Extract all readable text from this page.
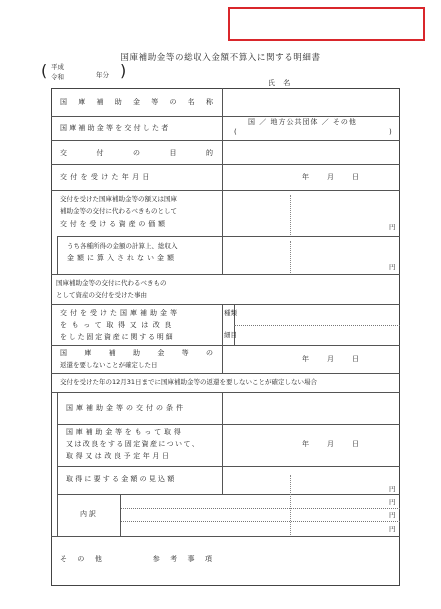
国庫補助金等の総収入金額不算入に関する明細書
( 平成
令和	年分 )
氏 名
国 庫 補 助 金 等 の 名 称
国庫補助金等を交付した者
国 ／ 地方公共団体 ／ その他
(	)
交	付	の	目	的
交付を受けた年月日	年	月	日
交付を受けた国庫補助金等の額又は国庫
補助金等の交付に代わるべきものとして
交付を受ける資産の価額	円
うち各種所得の金額の計算上、総収入
金額に算入されない金額
円
国庫補助金等の交付に代わるべきもの
として資産の交付を受けた事由
交付を受けた国庫補助金等
をもって取得又は改良
をした固定資産に関する明細
種類
細目
国 庫 補 助 金 等 の
返還を要しないことが確定した日
年	月	日
交付を受けた年の12月31日までに国庫補助金等の返還を要しないことが確定しない場合
国庫補助金等の交付の条件
国庫補助金等をもって取得
又は改良をする固定資産について、
取得又は改良予定年月日
年	月	日
取得に要する金額の見込額
円
内訳
円
円
円
そ の 他	参 考 事 項
